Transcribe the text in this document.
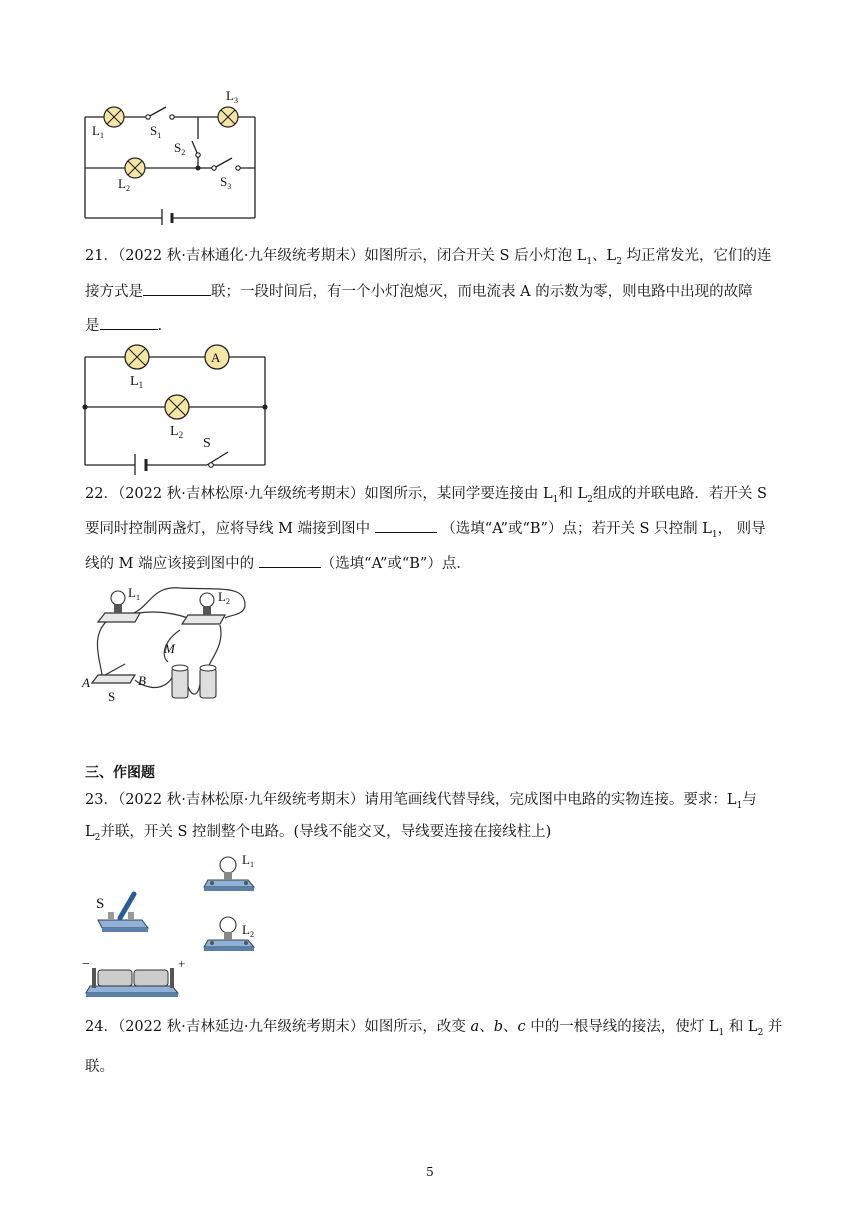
$L_1$	$S_1$
$L_3$
$S_2$
$L_2$	$S_3$
21．（2022 秋·吉林通化·九年级统考期末）如图所示，闭合开关 S 后小灯泡 $L_1$、$L_2$ 均正常发光，它们的连
接方式是	联；一段时间后，有一个小灯泡熄灭，而电流表 A 的示数为零，则电路中出现的故障
是	.
A
$L_1$
$L_2$
S
22．（2022 秋·吉林松原·九年级统考期末）如图所示，某同学要连接由 $L_1$和 $L_2$组成的并联电路．若开关 S
要同时控制两盏灯，应将导线 M 端接到图中	（选填“A”或“B”）点；若开关 S 只控制 $L_1$， 则导
线的 M 端应该接到图中的	（选填“A”或“B”）点．
$L_1$	$L_2$
M
A	B
S
三、作图题
23．（2022 秋·吉林松原·九年级统考期末）请用笔画线代替导线，完成图中电路的实物连接。要求：$L_1$与
$L_2$并联，开关 S 控制整个电路。(导线不能交叉，导线要连接在接线柱上)
S
$L_1$
$L_2$
−	+
24．（2022 秋·吉林延边·九年级统考期末）如图所示，改变 a、b、c 中的一根导线的接法，使灯 $L_1$ 和 $L_2$ 并
联。
5
